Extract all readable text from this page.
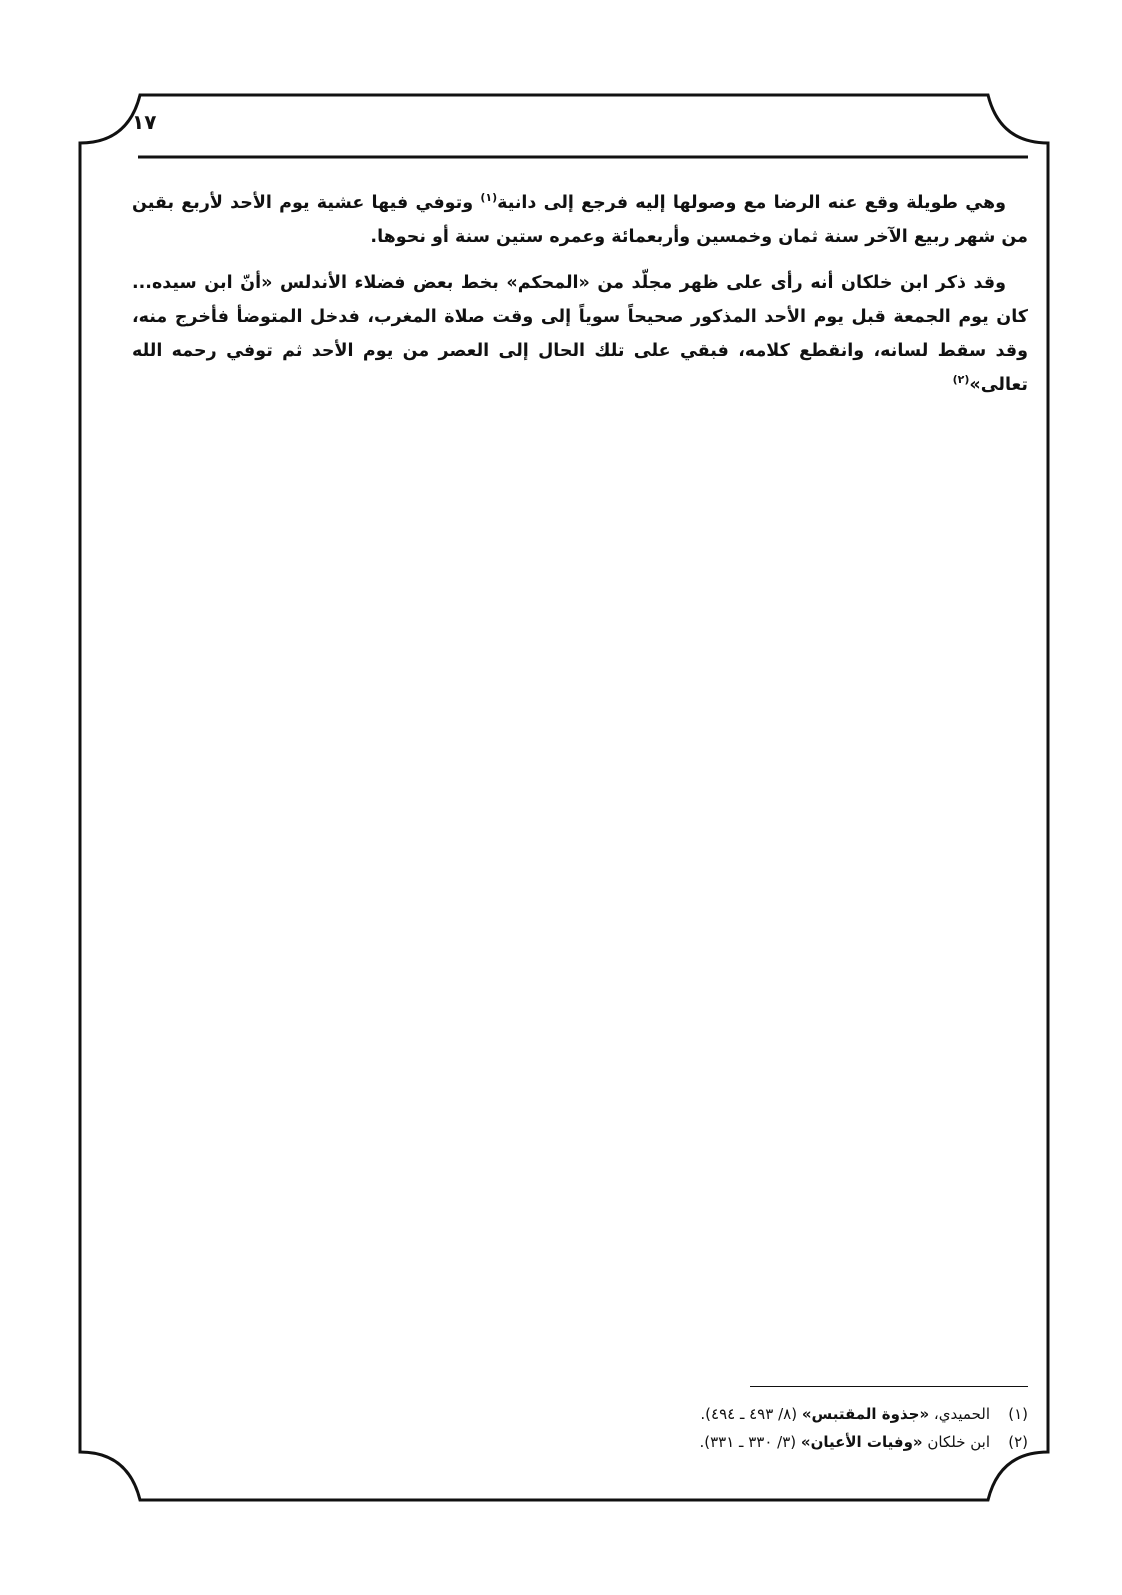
١٧

وهي طويلة وقع عنه الرضا مع وصولها إليه فرجع إلى دانية$^{(١)}$ وتوفي فيها عشية يوم الأحد لأربع بقين من شهر ربيع الآخر سنة ثمان وخمسين وأربعمائة وعمره ستين سنة أو نحوها.

وقد ذكر ابن خلكان أنه رأى على ظهر مجلّد من «المحكم» بخط بعض فضلاء الأندلس «أنّ ابن سيده... كان يوم الجمعة قبل يوم الأحد المذكور صحيحاً سوياً إلى وقت صلاة المغرب، فدخل المتوضأ فأخرج منه، وقد سقط لسانه، وانقطع كلامه، فبقي على تلك الحال إلى العصر من يوم الأحد ثم توفي رحمه الله تعالى»$^{(٢)}$

(١)
الحميدي، «جذوة المقتبس» (٨/ ٤٩٣ ـ ٤٩٤).
(٢)
ابن خلكان «وفيات الأعيان» (٣/ ٣٣٠ ـ ٣٣١).
